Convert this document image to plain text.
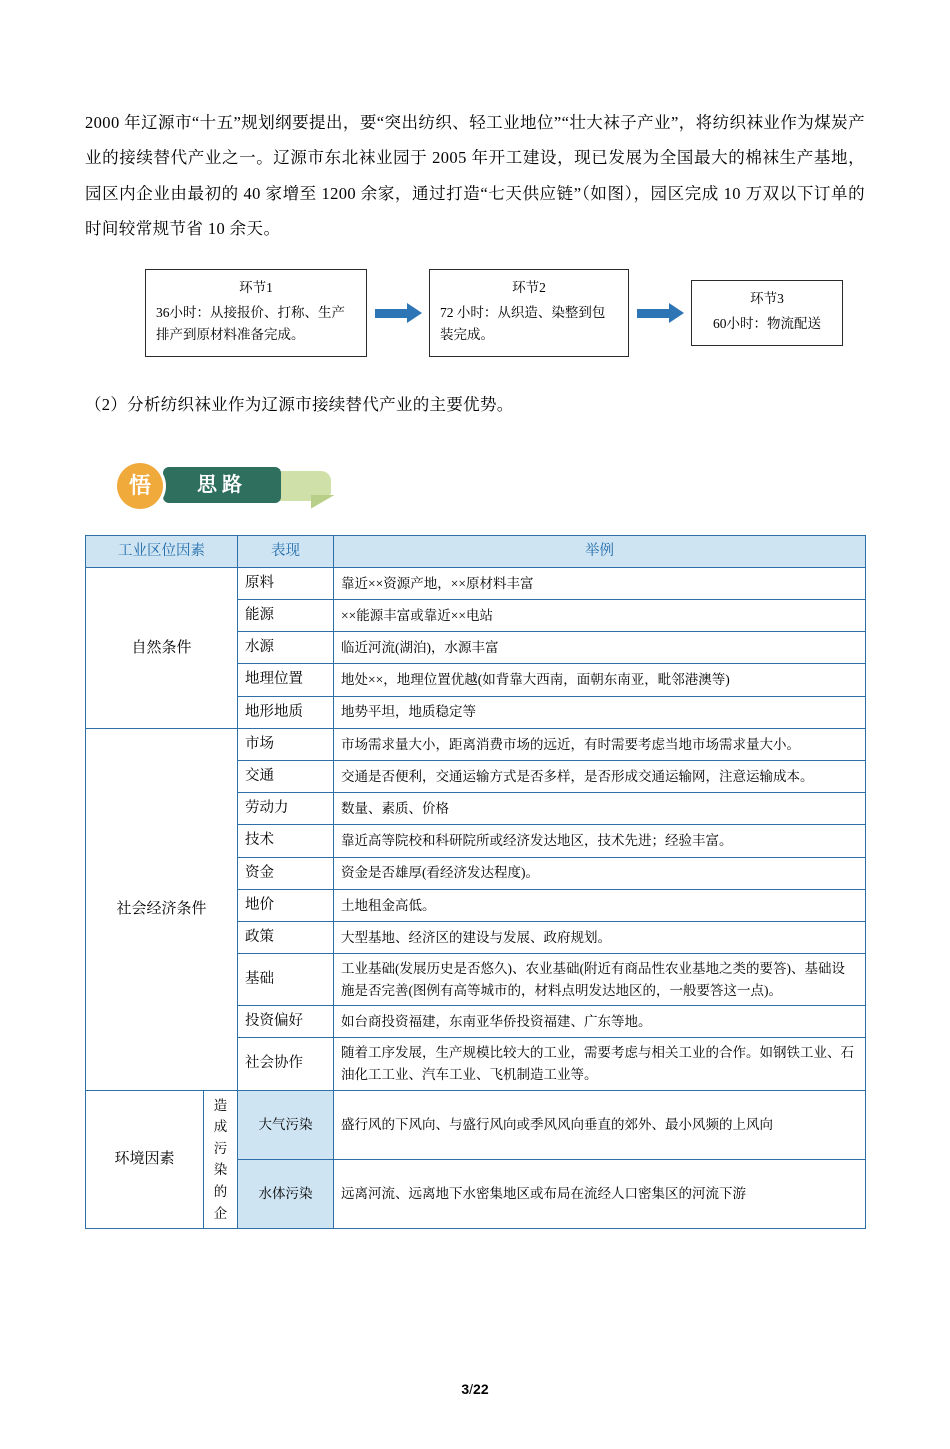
2000 年辽源市“十五”规划纲要提出，要“突出纺织、轻工业地位”“壮大袜子产业”，将纺织袜业作为煤炭产业的接续替代产业之一。辽源市东北袜业园于 2005 年开工建设，现已发展为全国最大的棉袜生产基地，园区内企业由最初的 40 家增至 1200 余家，通过打造“七天供应链”（如图），园区完成 10 万双以下订单的时间较常规节省 10 余天。

环节1
36小时：从接报价、打称、生产排产到原材料准备完成。
环节2
72 小时：从织造、染整到包装完成。
环节3
60小时：物流配送

（2）分析纺织袜业作为辽源市接续替代产业的主要优势。

思路
悟
工业区位因素		表现	举例
自然条件		原料	靠近××资源产地，××原材料丰富
		能源	××能源丰富或靠近××电站
		水源	临近河流(湖泊)，水源丰富
		地理位置	地处××，地理位置优越(如背靠大西南，面朝东南亚，毗邻港澳等)
		地形地质	地势平坦，地质稳定等
社会经济条件		市场	市场需求量大小，距离消费市场的远近，有时需要考虑当地市场需求量大小。
		交通	交通是否便利，交通运输方式是否多样，是否形成交通运输网，注意运输成本。
		劳动力	数量、素质、价格
		技术	靠近高等院校和科研院所或经济发达地区，技术先进；经验丰富。
		资金	资金是否雄厚(看经济发达程度)。
		地价	土地租金高低。
		政策	大型基地、经济区的建设与发展、政府规划。
		基础	工业基础(发展历史是否悠久)、农业基础(附近有商品性农业基地之类的要答)、基础设施是否完善(图例有高等城市的，材料点明发达地区的，一般要答这一点)。
		投资偏好	如台商投资福建，东南亚华侨投资福建、广东等地。
		社会协作	随着工序发展，生产规模比较大的工业，需要考虑与相关工业的合作。如钢铁工业、石油化工工业、汽车工业、飞机制造工业等。
环境因素	造成污染的企	大气污染	盛行风的下风向、与盛行风向或季风风向垂直的郊外、最小风频的上风向
		水体污染	远离河流、远离地下水密集地区或布局在流经人口密集区的河流下游
3/22
